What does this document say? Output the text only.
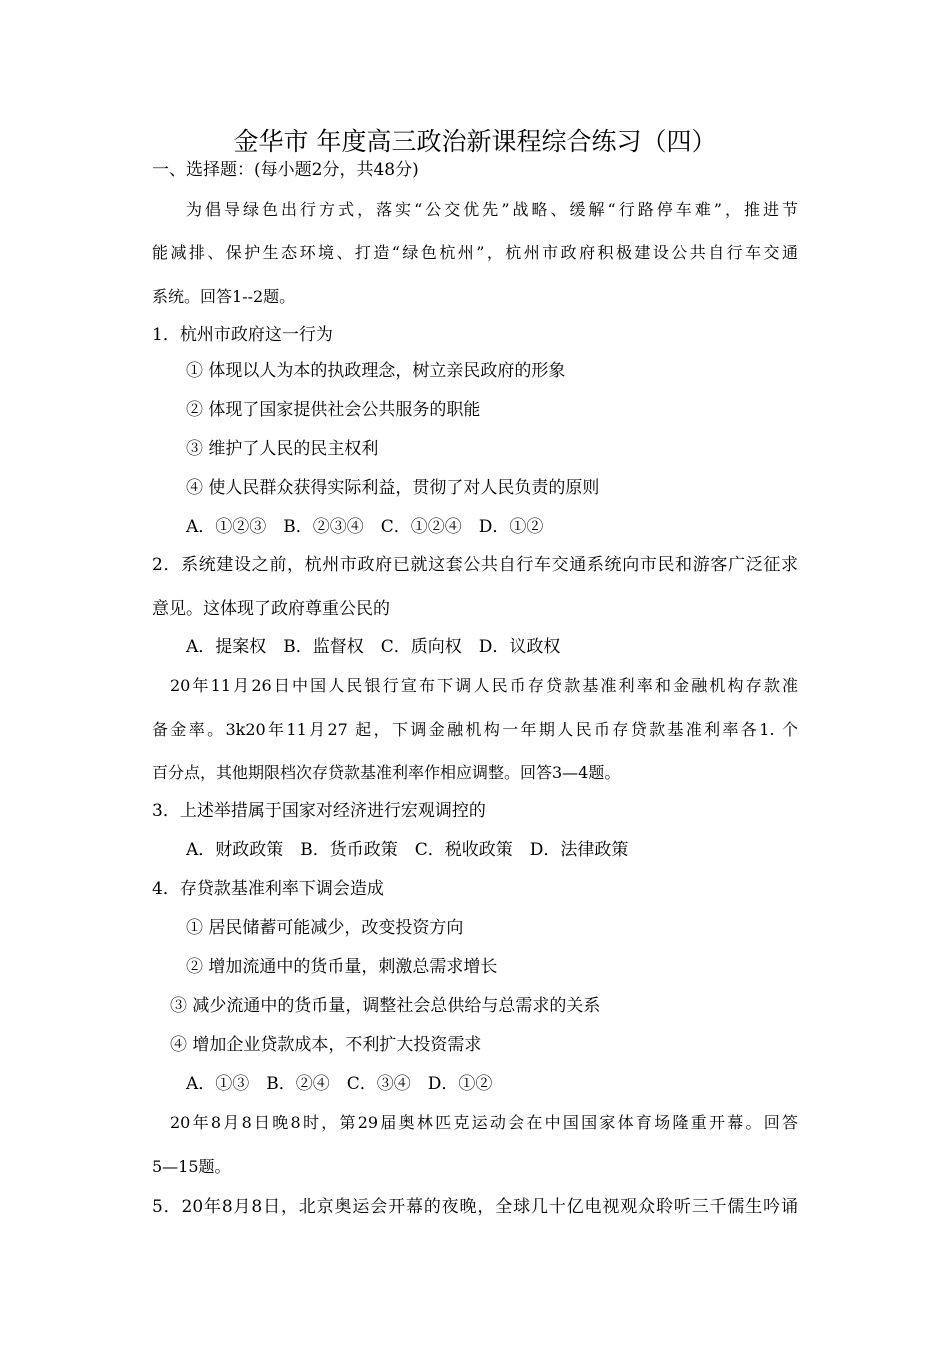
金华市 年度高三政治新课程综合练习（四）
一、选择题：(每小题2分，共48分)
为倡导绿色出行方式，落实“公交优先”战略、缓解“行路停车难”，推进节
能减排、保护生态环境、打造“绿色杭州”，杭州市政府积极建设公共自行车交通
系统。回答1--2题。
1．杭州市政府这一行为
① 体现以人为本的执政理念，树立亲民政府的形象
② 体现了国家提供社会公共服务的职能
③ 维护了人民的民主权利
④ 使人民群众获得实际利益，贯彻了对人民负责的原则
A．①②③　B．②③④　C．①②④　D．①②
2．系统建设之前，杭州市政府已就这套公共自行车交通系统向市民和游客广泛征求
意见。这体现了政府尊重公民的
A．提案权　B．监督权　C．质向权　D．议政权
20年11月26日中国人民银行宣布下调人民币存贷款基准利率和金融机构存款准
备金率。3k20年11月27 起，下调金融机构一年期人民币存贷款基准利率各1. 个
百分点，其他期限档次存贷款基准利率作相应调整。回答3—4题。
3．上述举措属于国家对经济进行宏观调控的
A．财政政策　B．货币政策　C．税收政策　D．法律政策
4．存贷款基准利率下调会造成
① 居民储蓄可能减少，改变投资方向
② 增加流通中的货币量，刺激总需求增长
③ 减少流通中的货币量，调整社会总供给与总需求的关系
④ 增加企业贷款成本，不利扩大投资需求
A．①③　B．②④　C．③④　D．①②
20年8月8日晚8时，第29届奥林匹克运动会在中国国家体育场隆重开幕。回答
5—15题。
5．20年8月8日，北京奥运会开幕的夜晚，全球几十亿电视观众聆听三千儒生吟诵
